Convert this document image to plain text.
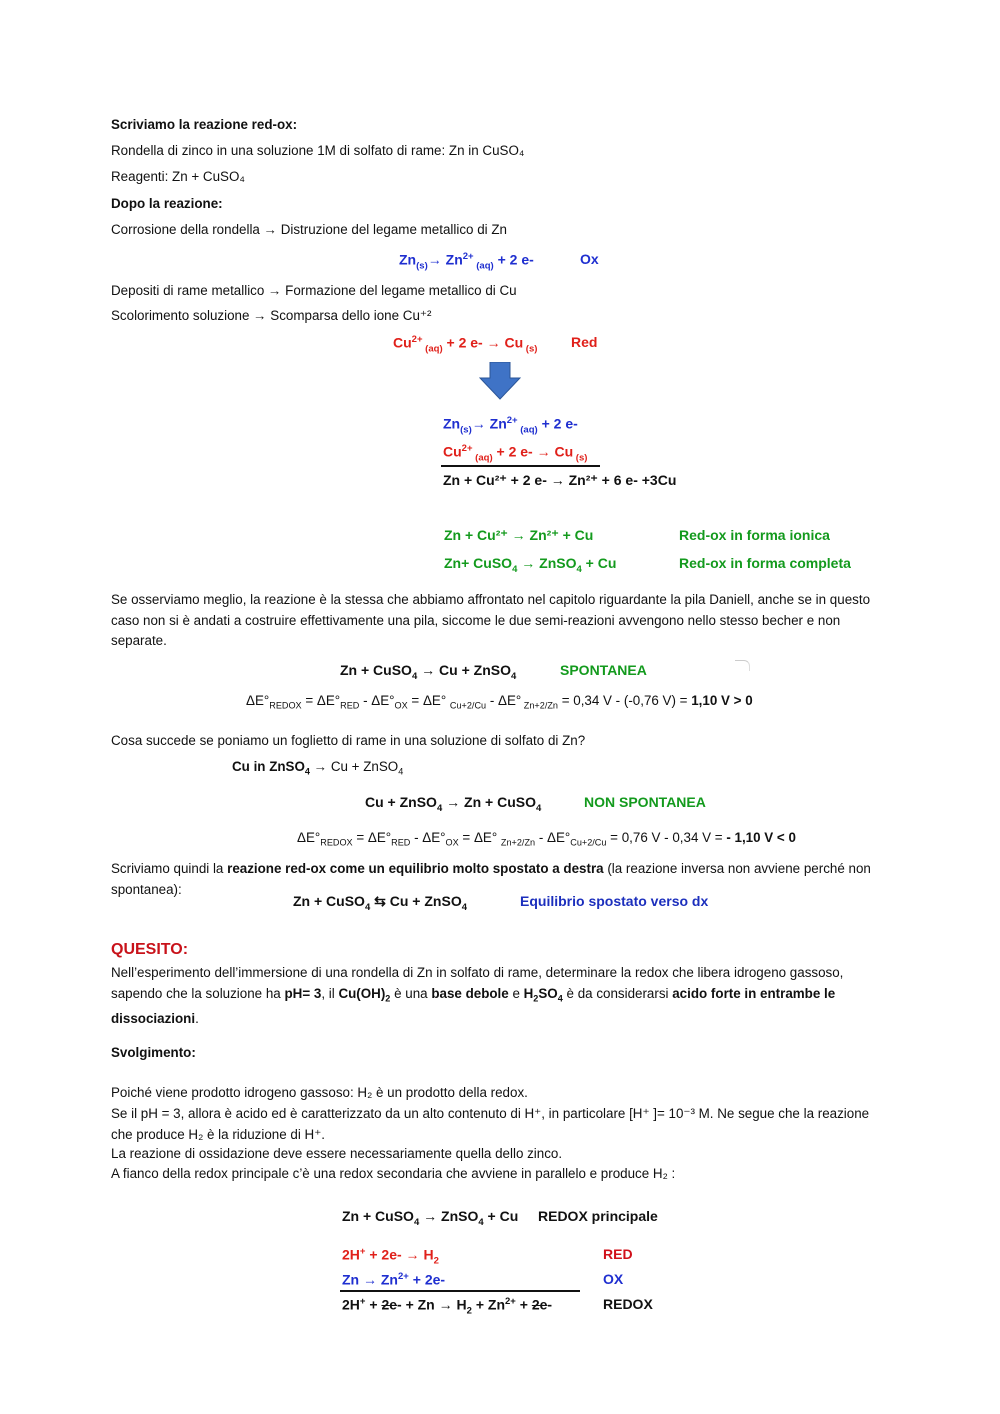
Scriviamo la reazione red-ox:
Rondella di zinco in una soluzione 1M di solfato di rame: Zn in CuSO₄
Reagenti: Zn + CuSO₄
Dopo la reazione:
Corrosione della rondella → Distruzione del legame metallico di Zn
$Zn_{(s)}\to Zn^{2+}$ $_{(aq)}$ + 2 e-	Ox
Depositi di rame metallico → Formazione del legame metallico di Cu
Scolorimento soluzione → Scomparsa dello ione Cu⁺²
$Cu^{2+}$ $_{(aq)}$ + 2 e- → Cu $_{(s)}$ Red
$Zn_{(s)}\to Zn^{2+}$ $_{(aq)}$ + 2 e-
$Cu^{2+}$ $_{(aq)}$ + 2 e- → Cu $_{(s)}$
Zn + Cu²⁺ + 2 e- → Zn²⁺ + 6 e- +3Cu
Zn + Cu²⁺ → Zn²⁺ + Cu	Red-ox in forma ionica
Zn+ CuSO$_4$ → ZnSO$_4$ + Cu	Red-ox in forma completa
Se osserviamo meglio, la reazione è la stessa che abbiamo affrontato nel capitolo riguardante la pila Daniell, anche se in questo caso non si è andati a costruire effettivamente una pila, siccome le due semi-reazioni avvengono nello stesso becher e non separate.
Zn + CuSO$_4$ → Cu + ZnSO$_4$	SPONTANEA
$\Delta E^\circ_{REDOX} = \Delta E^\circ_{RED} - \Delta E^\circ_{OX} = \Delta E^\circ$ $_{Cu+2/Cu}$ - ΔE° $_{Zn+2/Zn}$ = 0,34 V - (-0,76 V) = 1,10 V > 0
Cosa succede se poniamo un foglietto di rame in una soluzione di solfato di Zn?
Cu in ZnSO$_4$ → Cu + ZnSO$_4$
Cu + ZnSO$_4$ → Zn + CuSO$_4$	NON SPONTANEA
$\Delta E^\circ_{REDOX} = \Delta E^\circ_{RED} - \Delta E^\circ_{OX} = \Delta E^\circ$ $_{Zn+2/Zn} - \Delta E^\circ_{Cu+2/Cu} = 0,76$ V - 0,34 V = - 1,10 V < 0
Scriviamo quindi la reazione red-ox come un equilibrio molto spostato a destra (la reazione inversa non avviene perché non spontanea):
Zn + CuSO$_4$ ⇆ Cu + ZnSO$_4$	Equilibrio spostato verso dx
QUESITO:
Nell’esperimento dell’immersione di una rondella di Zn in solfato di rame, determinare la redox che libera idrogeno gassoso, sapendo che la soluzione ha pH= 3, il $Cu(OH)_2$ è una base debole e $H_2SO_4$ è da considerarsi acido forte in entrambe le dissociazioni.
Svolgimento:
Poiché viene prodotto idrogeno gassoso: H₂ è un prodotto della redox.
Se il pH = 3, allora è acido ed è caratterizzato da un alto contenuto di H⁺, in particolare [H⁺ ]= 10⁻³ M. Ne segue che la reazione che produce H₂ è la riduzione di H⁺.
La reazione di ossidazione deve essere necessariamente quella dello zinco.
A fianco della redox principale c’è una redox secondaria che avviene in parallelo e produce H₂ :
Zn + CuSO$_4$ → ZnSO$_4$ + Cu REDOX principale
$2H^+ + 2e- \to H_2$	RED
$Zn \to Zn^{2+} + 2e-$	OX
$2H^+ + 2e- + Zn \to H_2 + Zn^{2+} + 2e-$	REDOX
